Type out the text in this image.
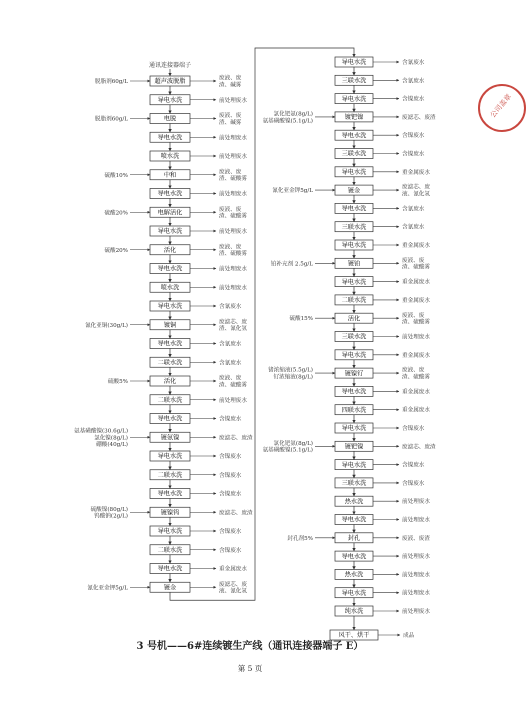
通讯连接器端子
超声波脱脂	废液、废
渣、碱雾
脱脂剂60g/L
导电水洗	前处理废水
电脱	废液、废
渣、碱雾
脱脂剂60g/L
导电水洗	前处理废水
喷水洗	前处理废水
中和	废液、废
渣、硫酸雾
硫酸10%
导电水洗	前处理废水
电解活化	废液、废
渣、硫酸雾
硫酸20%
导电水洗	前处理废水
活化	废液、废
渣、硫酸雾
硫酸20%
导电水洗	前处理废水
喷水洗	前处理废水
导电水洗	含氰废水
镀铜	废滤芯、废
渣、氰化氢
氰化亚铜(30g/L)
导电水洗	含氰废水
二联水洗	含氰废水
活化	废液、废
渣、硫酸雾
硫酸5%
二联水洗	前处理废水
导电水洗	含镍废水
镀氨镍	废滤芯、废渣
氨基磺酸镍(30.6g/L)
氯化镍(8g/L)
硼酸(40g/L)
导电水洗	含镍废水
二联水洗	含镍废水
导电水洗	含镍废水
镀镍钨	废滤芯、废渣
硫酸镍(80g/L)
钨酸钠(2g/L)
导电水洗	含镍废水
二联水洗	含镍废水
导电水洗	重金属废水
镀金	废滤芯、废
液、氰化氢
氰化亚金钾5g/L
导电水洗	含氰废水
三联水洗	含氰废水
导电水洗	含镍废水
镀钯镍	废滤芯、废渣
氯化钯氨(8g/L)
氨基磺酸镍(5.1g/L)
导电水洗	含镍废水
三联水洗	含镍废水
导电水洗	重金属废水
镀金	废滤芯、废
液、氰化氢
氰化亚金钾5g/L
导电水洗	含氰废水
三联水洗	含氰废水
导电水洗	重金属废水
镀铂	废液、废
渣、硫酸雾
铂补充剂 2.5g/L
导电水洗	重金属废水
二联水洗	重金属废水
活化	废液、废
渣、硫酸雾
硫酸15%
三联水洗	前处理废水
导电水洗	重金属废水
镀镍钌	废液、废
渣、硫酸雾
锗浓缩液(5.5g/L)
钌浓缩液(8g/L)
导电水洗	重金属废水
四联水洗	重金属废水
导电水洗	含镍废水
镀钯镍	废滤芯、废渣
氯化钯氨(8g/L)
氨基磺酸镍(5.1g/L)
导电水洗	含镍废水
三联水洗	含镍废水
热水洗	前处理废水
导电水洗	前处理废水
封孔	废液、废渣
封孔剂5%
导电水洗	前处理废水
热水洗	前处理废水
导电水洗	前处理废水
纯水洗	前处理废水
风干、烘干	成品
3 号机——6#连续镀生产线（通讯连接器端子 E）
第 5 页
公司盖章
